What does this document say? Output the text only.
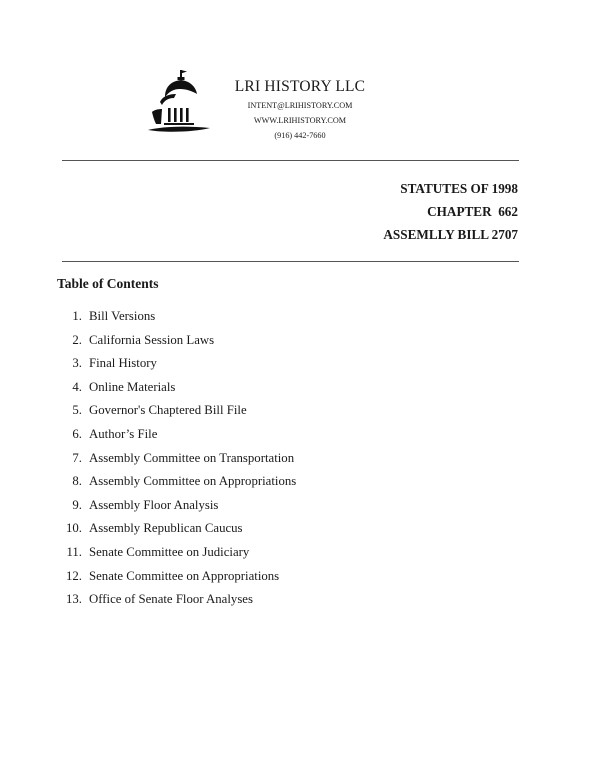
LRI HISTORY LLC
INTENT@LRIHISTORY.COM
WWW.LRIHISTORY.COM
(916) 442-7660
STATUTES OF 1998
CHAPTER  662
ASSEMLLY BILL 2707
Table of Contents
1. Bill Versions
2. California Session Laws
3. Final History
4. Online Materials
5. Governor's Chaptered Bill File
6. Author’s File
7. Assembly Committee on Transportation
8. Assembly Committee on Appropriations
9. Assembly Floor Analysis
10. Assembly Republican Caucus
11. Senate Committee on Judiciary
12. Senate Committee on Appropriations
13. Office of Senate Floor Analyses
